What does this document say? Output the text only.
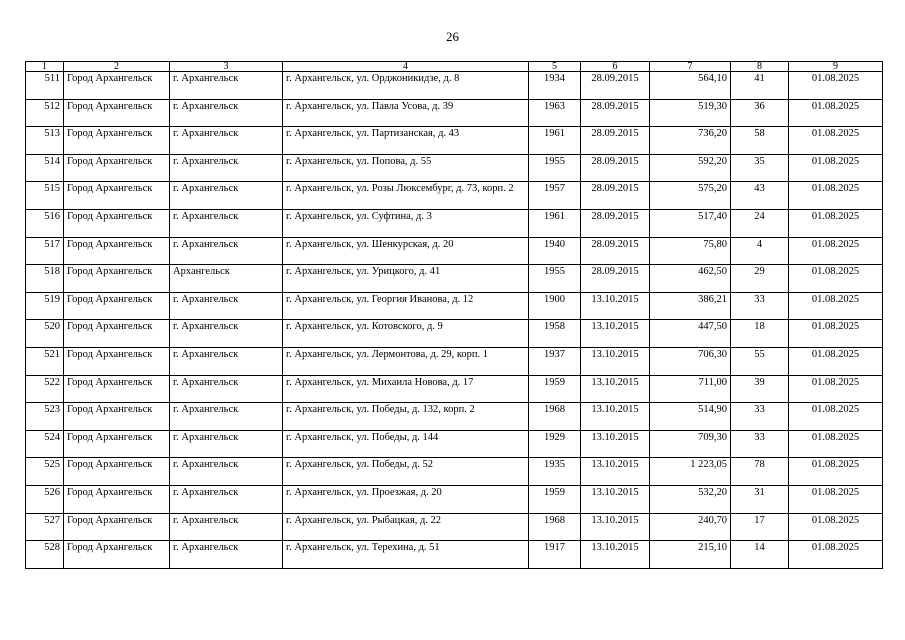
26
1	2	3	4	5	6	7	8	9
511	Город Архангельск	г. Архангельск	г. Архангельск, ул. Орджоникидзе, д. 8	1934	28.09.2015	564,10	41	01.08.2025
512	Город Архангельск	г. Архангельск	г. Архангельск, ул. Павла Усова, д. 39	1963	28.09.2015	519,30	36	01.08.2025
513	Город Архангельск	г. Архангельск	г. Архангельск, ул. Партизанская, д. 43	1961	28.09.2015	736,20	58	01.08.2025
514	Город Архангельск	г. Архангельск	г. Архангельск, ул. Попова, д. 55	1955	28.09.2015	592,20	35	01.08.2025
515	Город Архангельск	г. Архангельск	г. Архангельск, ул. Розы Люксембург, д. 73, корп. 2	1957	28.09.2015	575,20	43	01.08.2025
516	Город Архангельск	г. Архангельск	г. Архангельск, ул. Суфтина, д. 3	1961	28.09.2015	517,40	24	01.08.2025
517	Город Архангельск	г. Архангельск	г. Архангельск, ул. Шенкурская, д. 20	1940	28.09.2015	75,80	4	01.08.2025
518	Город Архангельск	Архангельск	г. Архангельск, ул. Урицкого, д. 41	1955	28.09.2015	462,50	29	01.08.2025
519	Город Архангельск	г. Архангельск	г. Архангельск, ул. Георгия Иванова, д. 12	1900	13.10.2015	386,21	33	01.08.2025
520	Город Архангельск	г. Архангельск	г. Архангельск, ул. Котовского, д. 9	1958	13.10.2015	447,50	18	01.08.2025
521	Город Архангельск	г. Архангельск	г. Архангельск, ул. Лермонтова, д. 29, корп. 1	1937	13.10.2015	706,30	55	01.08.2025
522	Город Архангельск	г. Архангельск	г. Архангельск, ул. Михаила Новова, д. 17	1959	13.10.2015	711,00	39	01.08.2025
523	Город Архангельск	г. Архангельск	г. Архангельск, ул. Победы, д. 132, корп. 2	1968	13.10.2015	514,90	33	01.08.2025
524	Город Архангельск	г. Архангельск	г. Архангельск, ул. Победы, д. 144	1929	13.10.2015	709,30	33	01.08.2025
525	Город Архангельск	г. Архангельск	г. Архангельск, ул. Победы, д. 52	1935	13.10.2015	1 223,05	78	01.08.2025
526	Город Архангельск	г. Архангельск	г. Архангельск, ул. Проезжая, д. 20	1959	13.10.2015	532,20	31	01.08.2025
527	Город Архангельск	г. Архангельск	г. Архангельск, ул. Рыбацкая, д. 22	1968	13.10.2015	240,70	17	01.08.2025
528	Город Архангельск	г. Архангельск	г. Архангельск, ул. Терехина, д. 51	1917	13.10.2015	215,10	14	01.08.2025
